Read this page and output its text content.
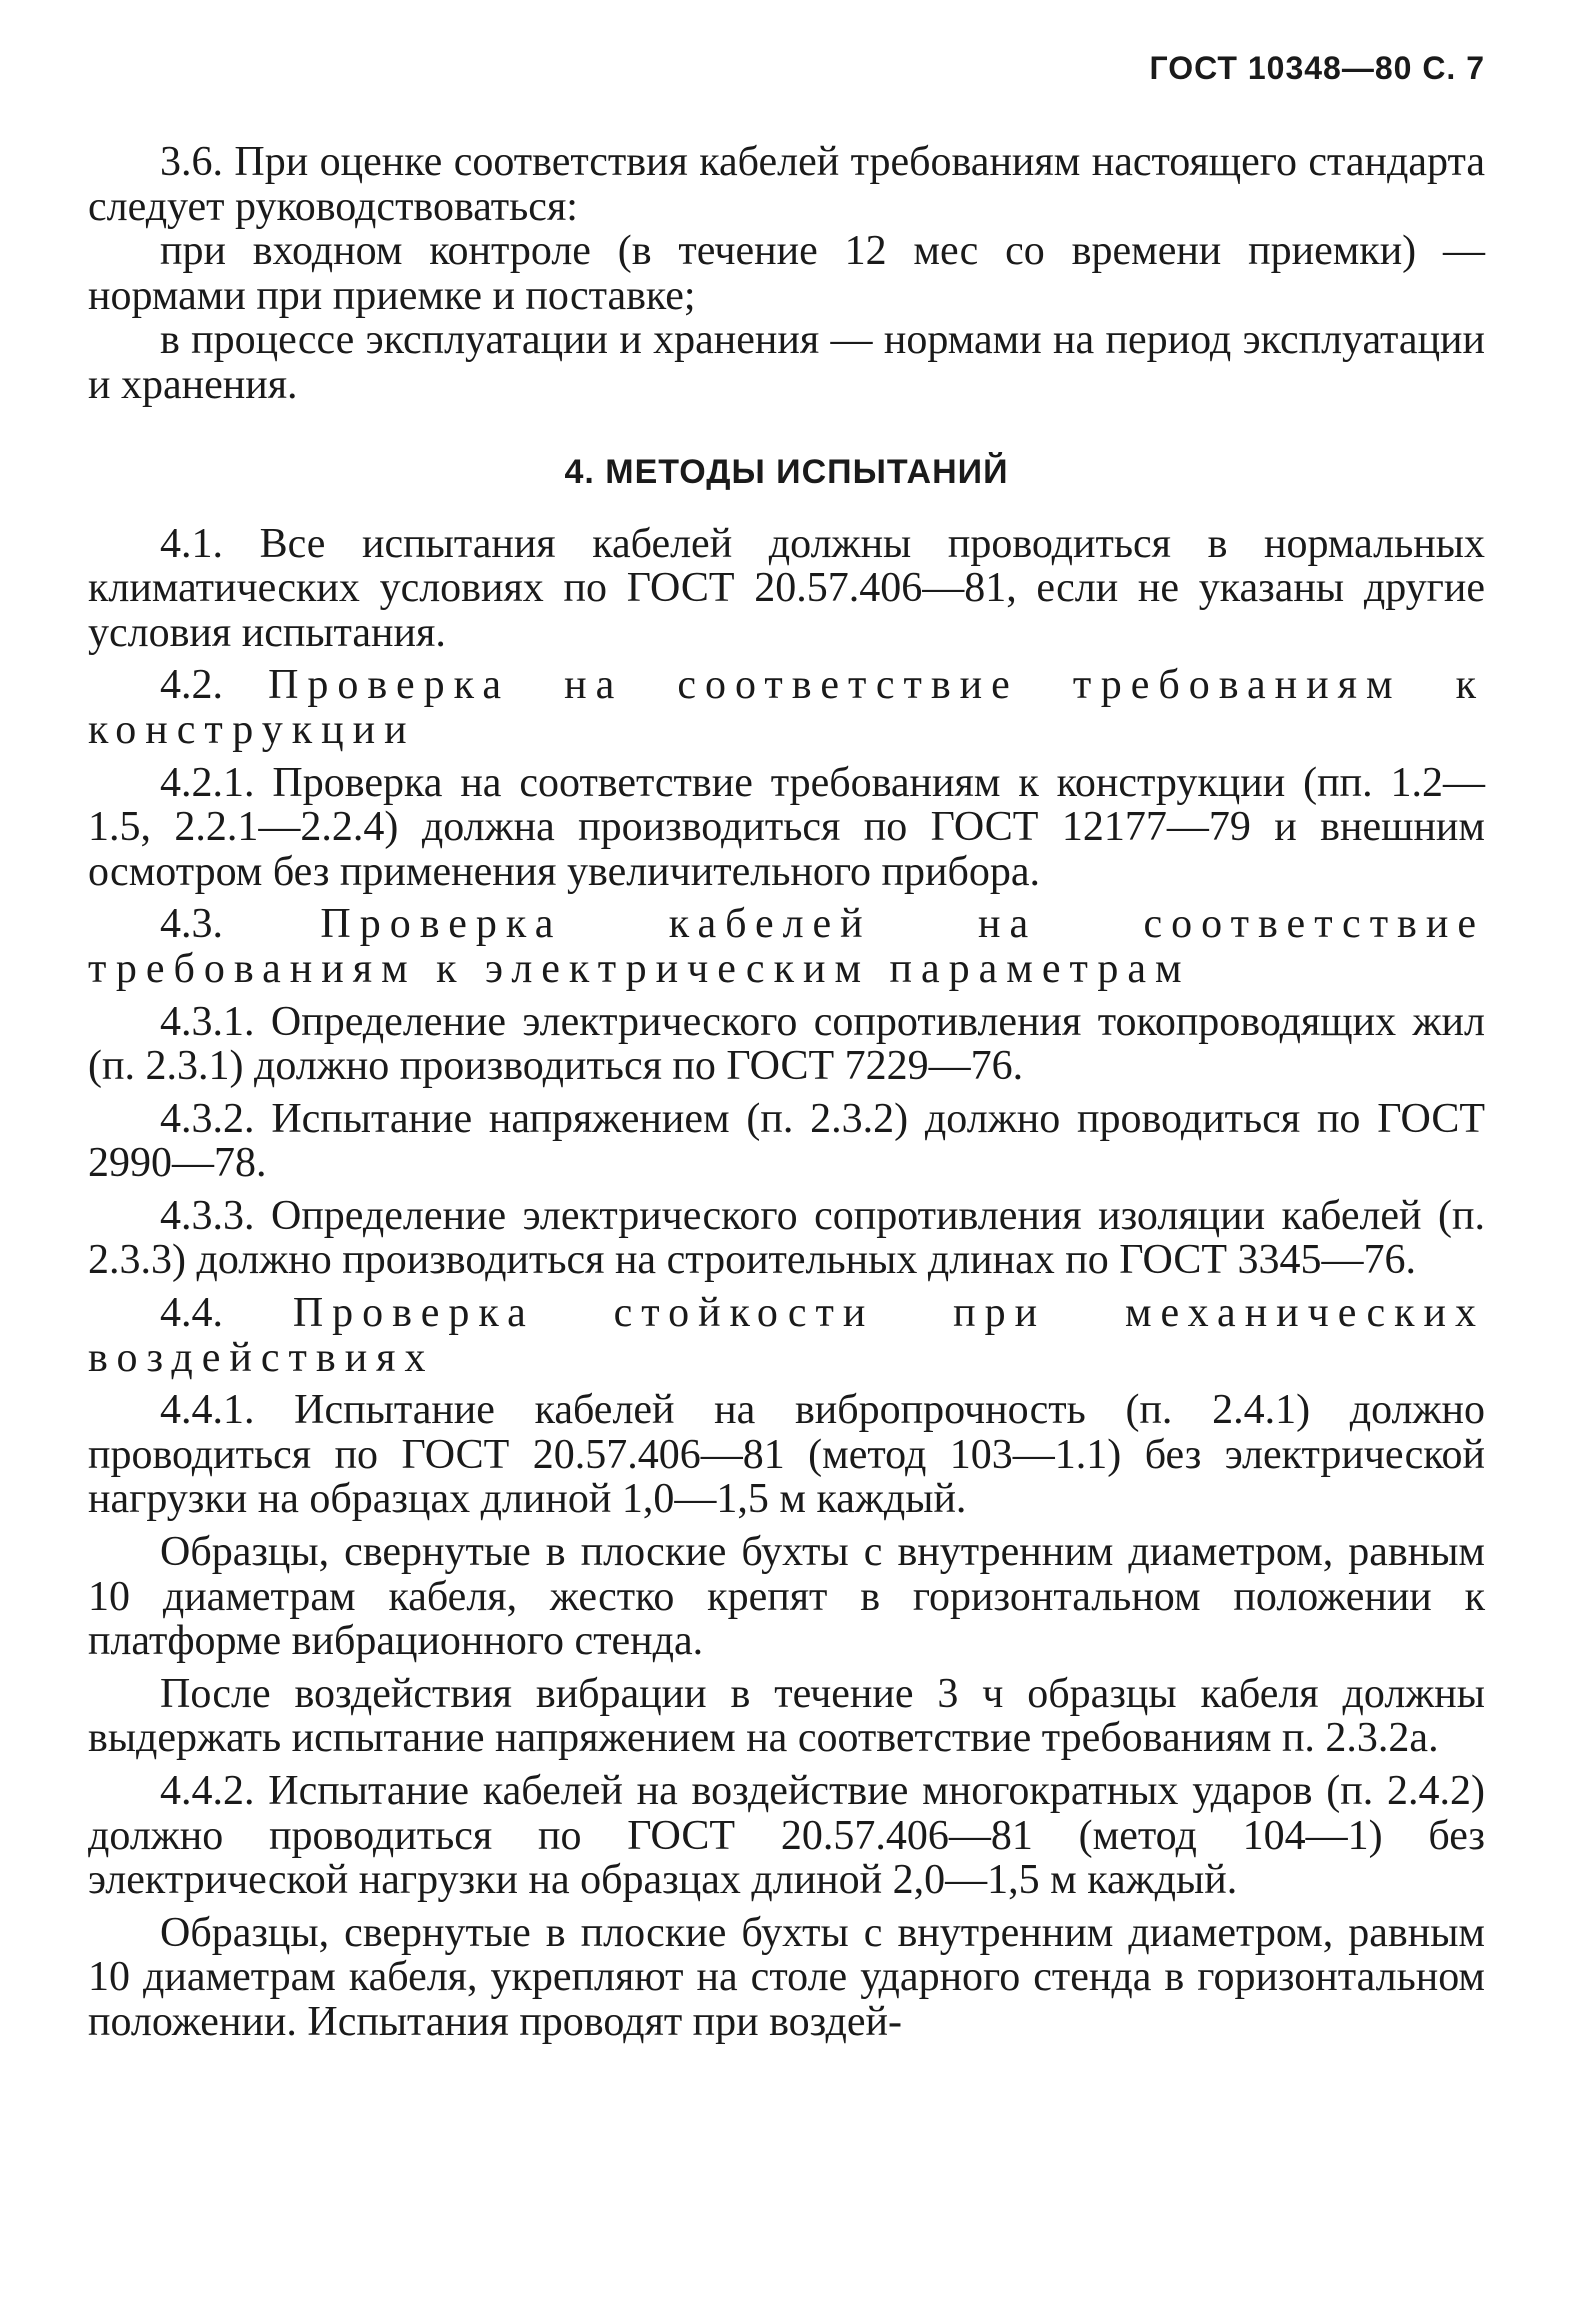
ГОСТ 10348—80 С. 7

3.6. При оценке соответствия кабелей требованиям настоящего стандарта следует руководствоваться:

при входном контроле (в течение 12 мес со времени приемки) — нормами при приемке и поставке;

в процессе эксплуатации и хранения — нормами на период эксплуатации и хранения.

4. МЕТОДЫ ИСПЫТАНИЙ

4.1. Все испытания кабелей должны проводиться в нормальных климатических условиях по ГОСТ 20.57.406—81, если не указаны другие условия испытания.

4.2. Проверка на соответствие требованиям к конструкции

4.2.1. Проверка на соответствие требованиям к конструкции (пп. 1.2—1.5, 2.2.1—2.2.4) должна производиться по ГОСТ 12177—79 и внешним осмотром без применения увеличительного прибора.

4.3. Проверка кабелей на соответствие требованиям к электрическим параметрам

4.3.1. Определение электрического сопротивления токопроводящих жил (п. 2.3.1) должно производиться по ГОСТ 7229—76.

4.3.2. Испытание напряжением (п. 2.3.2) должно проводиться по ГОСТ 2990—78.

4.3.3. Определение электрического сопротивления изоляции кабелей (п. 2.3.3) должно производиться на строительных длинах по ГОСТ 3345—76.

4.4. Проверка стойкости при механических воздействиях

4.4.1. Испытание кабелей на вибропрочность (п. 2.4.1) должно проводиться по ГОСТ 20.57.406—81 (метод 103—1.1) без электрической нагрузки на образцах длиной 1,0—1,5 м каждый.

Образцы, свернутые в плоские бухты с внутренним диаметром, равным 10 диаметрам кабеля, жестко крепят в горизонтальном положении к платформе вибрационного стенда.

После воздействия вибрации в течение 3 ч образцы кабеля должны выдержать испытание напряжением на соответствие требованиям п. 2.3.2а.

4.4.2. Испытание кабелей на воздействие многократных ударов (п. 2.4.2) должно проводиться по ГОСТ 20.57.406—81 (метод 104—1) без электрической нагрузки на образцах длиной 2,0—1,5 м каждый.

Образцы, свернутые в плоские бухты с внутренним диаметром, равным 10 диаметрам кабеля, укрепляют на столе ударного стенда в горизонтальном положении. Испытания проводят при воздей-
